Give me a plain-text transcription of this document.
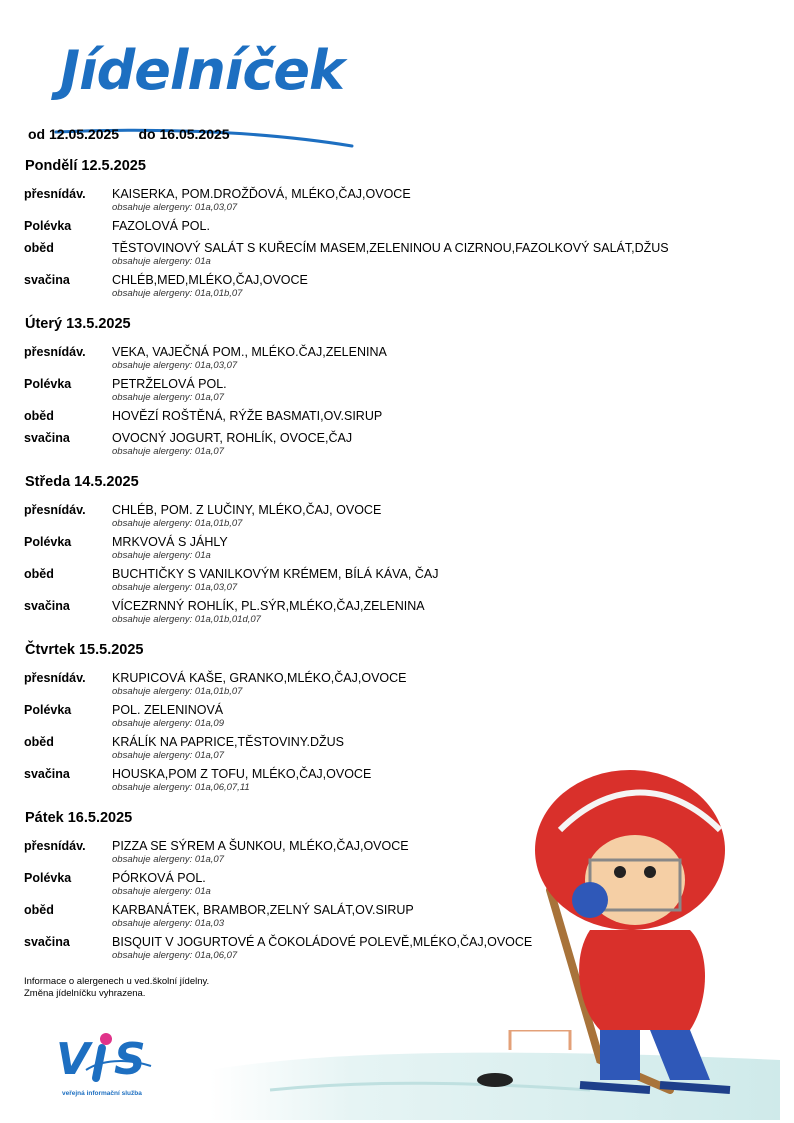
Jídelníček
od 12.05.2025     do 16.05.2025
Pondělí 12.5.2025
přesnídáv.	KAISERKA, POM.DROŽĎOVÁ, MLÉKO,ČAJ,OVOCE
obsahuje alergeny: 01a,03,07
Polévka	FAZOLOVÁ POL.
oběd	TĚSTOVINOVÝ SALÁT S KUŘECÍM MASEM,ZELENINOU A CIZRNOU,FAZOLKOVÝ SALÁT,DŽUS
obsahuje alergeny: 01a
svačina	CHLÉB,MED,MLÉKO,ČAJ,OVOCE
obsahuje alergeny: 01a,01b,07
Úterý 13.5.2025
přesnídáv.	VEKA, VAJEČNÁ POM., MLÉKO.ČAJ,ZELENINA
obsahuje alergeny: 01a,03,07
Polévka	PETRŽELOVÁ POL.
obsahuje alergeny: 01a,07
oběd	HOVĚZÍ ROŠTĚNÁ, RÝŽE BASMATI,OV.SIRUP
svačina	OVOCNÝ JOGURT, ROHLÍK, OVOCE,ČAJ
obsahuje alergeny: 01a,07
Středa 14.5.2025
přesnídáv.	CHLÉB, POM. Z LUČINY, MLÉKO,ČAJ, OVOCE
obsahuje alergeny: 01a,01b,07
Polévka	MRKVOVÁ S JÁHLY
obsahuje alergeny: 01a
oběd	BUCHTIČKY S VANILKOVÝM KRÉMEM, BÍLÁ KÁVA, ČAJ
obsahuje alergeny: 01a,03,07
svačina	VÍCEZRNNÝ ROHLÍK, PL.SÝR,MLÉKO,ČAJ,ZELENINA
obsahuje alergeny: 01a,01b,01d,07
Čtvrtek 15.5.2025
přesnídáv.	KRUPICOVÁ KAŠE, GRANKO,MLÉKO,ČAJ,OVOCE
obsahuje alergeny: 01a,01b,07
Polévka	POL. ZELENINOVÁ
obsahuje alergeny: 01a,09
oběd	KRÁLÍK NA PAPRICE,TĚSTOVINY.DŽUS
obsahuje alergeny: 01a,07
svačina	HOUSKA,POM Z TOFU, MLÉKO,ČAJ,OVOCE
obsahuje alergeny: 01a,06,07,11
Pátek 16.5.2025
přesnídáv.	PIZZA SE SÝREM A ŠUNKOU, MLÉKO,ČAJ,OVOCE
obsahuje alergeny: 01a,07
Polévka	PÓRKOVÁ POL.
obsahuje alergeny: 01a
oběd	KARBANÁTEK, BRAMBOR,ZELNÝ SALÁT,OV.SIRUP
obsahuje alergeny: 01a,03
svačina	BISQUIT V JOGURTOVÉ A ČOKOLÁDOVÉ POLEVĚ,MLÉKO,ČAJ,OVOCE
obsahuje alergeny: 01a,06,07
Informace o alergenech u ved.školní jídelny.
Změna jídelníčku vyhrazena.
V S
veřejná informační služba
